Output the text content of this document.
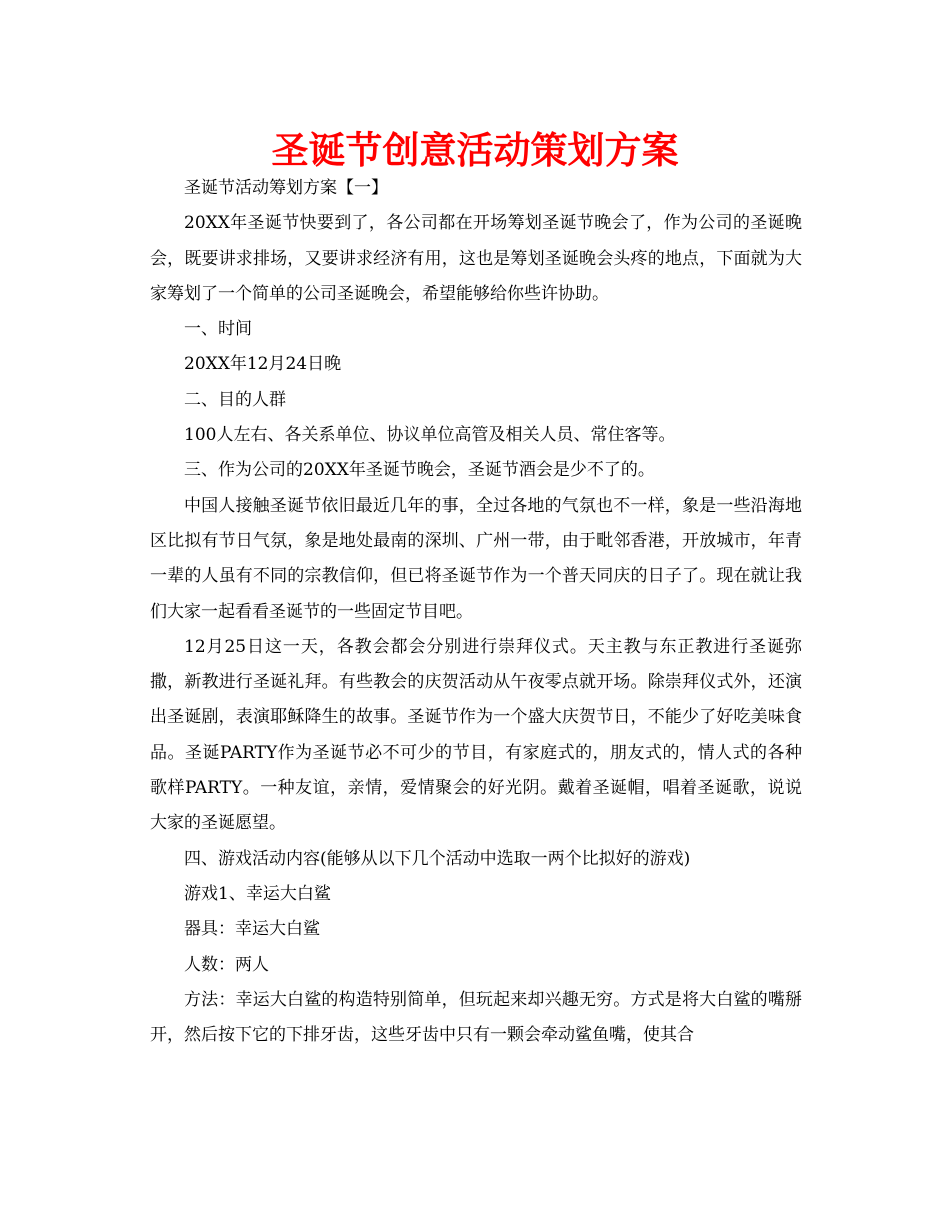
圣诞节创意活动策划方案

圣诞节活动筹划方案【一】

20XX年圣诞节快要到了，各公司都在开场筹划圣诞节晚会了，作为公司的圣诞晚会，既要讲求排场，又要讲求经济有用，这也是筹划圣诞晚会头疼的地点，下面就为大家筹划了一个简单的公司圣诞晚会，希望能够给你些许协助。

一、时间

20XX年12月24日晚

二、目的人群

100人左右、各关系单位、协议单位高管及相关人员、常住客等。

三、作为公司的20XX年圣诞节晚会，圣诞节酒会是少不了的。

中国人接触圣诞节依旧最近几年的事，全过各地的气氛也不一样，象是一些沿海地区比拟有节日气氛，象是地处最南的深圳、广州一带，由于毗邻香港，开放城市，年青一辈的人虽有不同的宗教信仰，但已将圣诞节作为一个普天同庆的日子了。现在就让我们大家一起看看圣诞节的一些固定节目吧。

12月25日这一天，各教会都会分别进行崇拜仪式。天主教与东正教进行圣诞弥撒，新教进行圣诞礼拜。有些教会的庆贺活动从午夜零点就开场。除崇拜仪式外，还演出圣诞剧，表演耶稣降生的故事。圣诞节作为一个盛大庆贺节日，不能少了好吃美味食品。圣诞PARTY作为圣诞节必不可少的节目，有家庭式的，朋友式的，情人式的各种歌样PARTY。一种友谊，亲情，爱情聚会的好光阴。戴着圣诞帽，唱着圣诞歌，说说大家的圣诞愿望。

四、游戏活动内容(能够从以下几个活动中选取一两个比拟好的游戏)

游戏1、幸运大白鲨

器具：幸运大白鲨

人数：两人

方法：幸运大白鲨的构造特别简单，但玩起来却兴趣无穷。方式是将大白鲨的嘴掰开，然后按下它的下排牙齿，这些牙齿中只有一颗会牵动鲨鱼嘴，使其合
